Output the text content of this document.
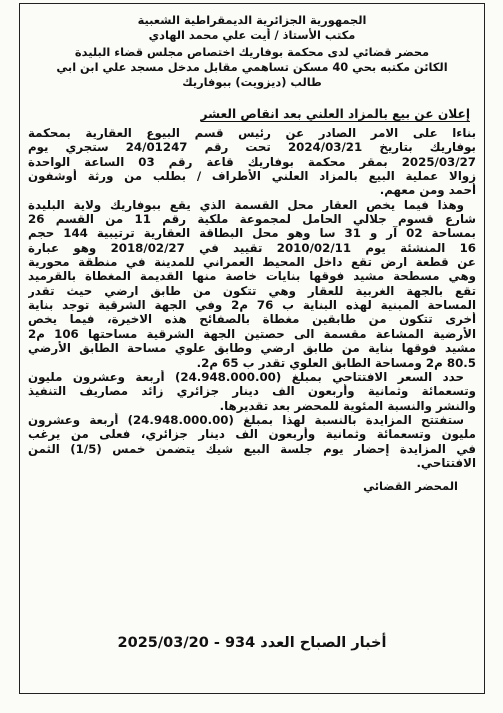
الجمهورية الجزائرية الديمقراطية الشعبية
مكتب الأستاذ / أيت علي محمد الهادي
محضر قضائي لدى محكمة بوفاريك اختصاص مجلس قضاء البليدة
الكائن مكتبه بحي 40 مسكن تساهمي مقابل مدخل مسجد علي ابن ابي
طالب (ديزويت) ببوفاريك
إعلان عن بيع بالمزاد العلني بعد انقاص العشر
بناءا على الامر الصادر عن رئيس قسم البيوع العقارية بمحكمة
بوفاريك بتاريخ 2024/03/21 تحت رقم 24/01247 ستجري يوم
2025/03/27 بمقر محكمة بوفاريك قاعة رقم 03 الساعة الواحدة
زوالا عملية البيع بالمزاد العلني الأطراف / بطلب من ورثة أوشفون
أحمد ومن معهم.
وهذا فيما يخص العقار محل القسمة الذي يقع ببوفاريك ولاية البليدة
شارع قسوم جلالي الحامل لمجموعة ملكية رقم 11 من القسم 26
بمساحة 02 آر و 31 سا وهو محل البطاقة العقارية ترتيبية 144 حجم
16 المنشئة يوم 2010/02/11 تقييد في 2018/02/27 وهو عبارة
عن قطعة ارض تقع داخل المحيط العمراني للمدينة في منطقة محورية
وهي مسطحة مشيد فوقها بنايات خاصة منها القديمة المغطاة بالقرميد
تقع بالجهة الغربية للعقار وهي تتكون من طابق ارضي حيث تقدر
المساحة المبنية لهذه البناية ب 76 م2 وفي الجهة الشرقية توجد بناية
أخرى تتكون من طابقين مغطاة بالصفائح هذه الاخيرة، فيما يخص
الأرضية المشاعة مقسمة الى حصتين الجهة الشرقية مساحتها 106 م2
مشيد فوقها بناية من طابق ارضي وطابق علوي مساحة الطابق الأرضي
80.5 م2 ومساحة الطابق العلوي تقدر ب 65 م2.
حدد السعر الافتتاحي بمبلغ (24.948.000.00) أربعة وعشرون مليون
وتسعمائة وثمانية وأربعون الف دينار جزائري زائد مصاريف التنفيذ
والنشر والنسبة المئوية للمحضر بعد تقديرها.
ستفتتح المزايدة بالنسبة لهذا بمبلغ (24.948.000.00) أربعة وعشرون
مليون وتسعمائة وثمانية وأربعون الف دينار جزائري، فعلى من يرغب
في المزايدة إحضار يوم جلسة البيع شيك يتضمن خمس (1/5) الثمن
الافتتاحي.
المحضر القضائي
2025/03/20 أخبار الصباح العدد 934 -
